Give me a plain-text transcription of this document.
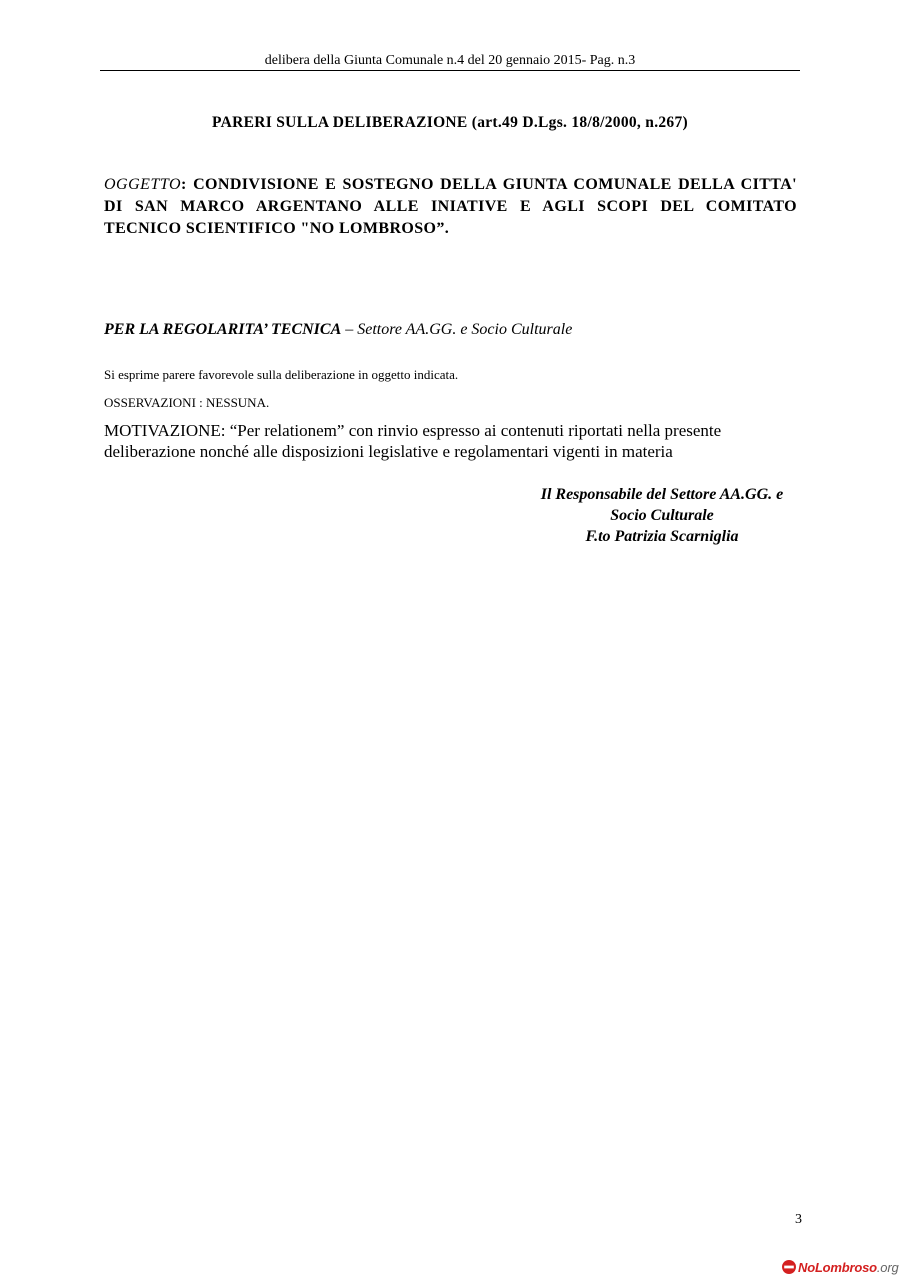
delibera della Giunta Comunale n.4 del 20 gennaio 2015- Pag. n.3
PARERI SULLA DELIBERAZIONE (art.49 D.Lgs. 18/8/2000, n.267)
OGGETTO: CONDIVISIONE E SOSTEGNO DELLA GIUNTA COMUNALE DELLA CITTA' DI SAN MARCO ARGENTANO ALLE INIATIVE E AGLI SCOPI DEL COMITATO TECNICO SCIENTIFICO "NO LOMBROSO”.
PER LA REGOLARITA’ TECNICA – Settore AA.GG. e Socio Culturale
Si esprime parere favorevole sulla deliberazione in oggetto indicata.
OSSERVAZIONI : NESSUNA.
MOTIVAZIONE: “Per relationem” con rinvio espresso ai contenuti riportati nella presente deliberazione nonché alle disposizioni legislative e regolamentari vigenti in materia
Il Responsabile del Settore AA.GG. e
Socio Culturale
F.to Patrizia Scarniglia
3
No Lombroso .org
